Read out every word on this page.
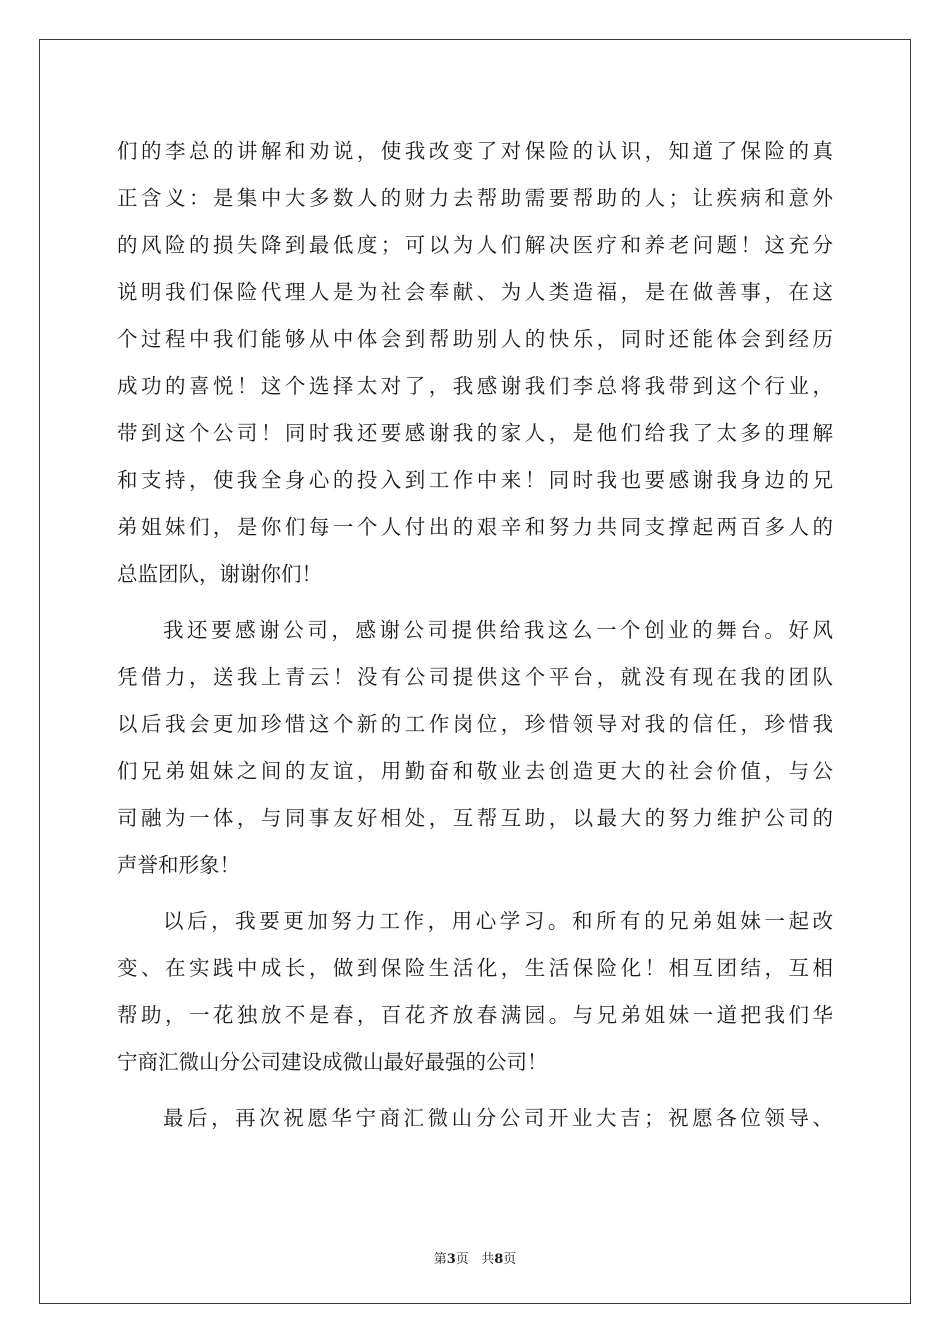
们的李总的讲解和劝说，使我改变了对保险的认识，知道了保险的真
正含义：是集中大多数人的财力去帮助需要帮助的人；让疾病和意外
的风险的损失降到最低度；可以为人们解决医疗和养老问题！这充分
说明我们保险代理人是为社会奉献、为人类造福，是在做善事，在这
个过程中我们能够从中体会到帮助别人的快乐，同时还能体会到经历
成功的喜悦！这个选择太对了，我感谢我们李总将我带到这个行业，
带到这个公司！同时我还要感谢我的家人，是他们给我了太多的理解
和支持，使我全身心的投入到工作中来！同时我也要感谢我身边的兄
弟姐妹们，是你们每一个人付出的艰辛和努力共同支撑起两百多人的
总监团队，谢谢你们！
我还要感谢公司，感谢公司提供给我这么一个创业的舞台。好风
凭借力，送我上青云！没有公司提供这个平台，就没有现在我的团队
以后我会更加珍惜这个新的工作岗位，珍惜领导对我的信任，珍惜我
们兄弟姐妹之间的友谊，用勤奋和敬业去创造更大的社会价值，与公
司融为一体，与同事友好相处，互帮互助，以最大的努力维护公司的
声誉和形象！
以后，我要更加努力工作，用心学习。和所有的兄弟姐妹一起改
变、在实践中成长，做到保险生活化，生活保险化！相互团结，互相
帮助，一花独放不是春，百花齐放春满园。与兄弟姐妹一道把我们华
宁商汇微山分公司建设成微山最好最强的公司！
最后，再次祝愿华宁商汇微山分公司开业大吉；祝愿各位领导、
第3页 共8页
